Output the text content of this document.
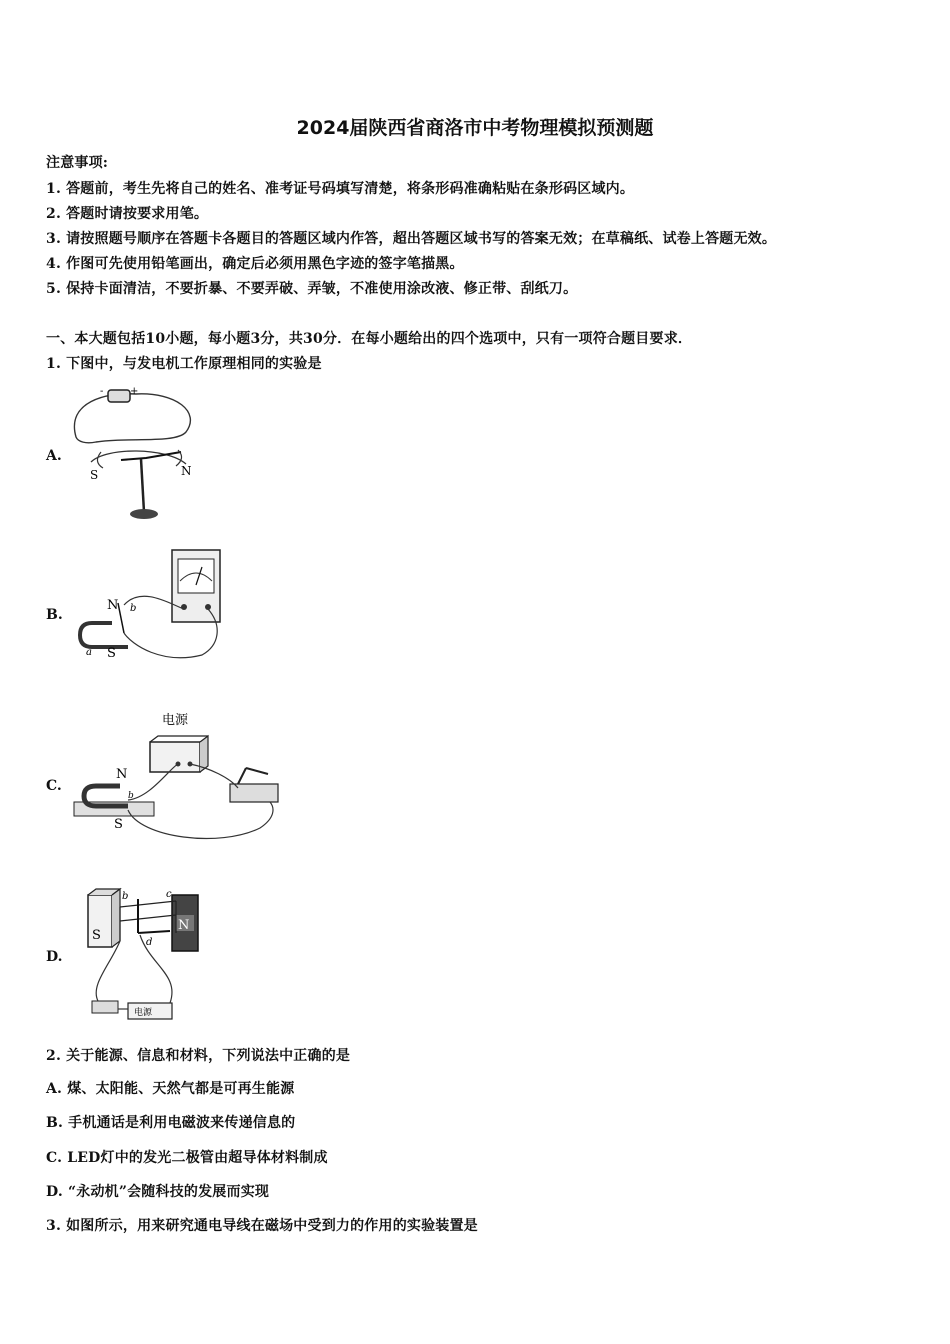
2024届陕西省商洛市中考物理模拟预测题
注意事项:
1. 答题前，考生先将自己的姓名、准考证号码填写清楚，将条形码准确粘贴在条形码区域内。
2. 答题时请按要求用笔。
3. 请按照题号顺序在答题卡各题目的答题区域内作答，超出答题区域书写的答案无效；在草稿纸、试卷上答题无效。
4. 作图可先使用铅笔画出，确定后必须用黑色字迹的签字笔描黑。
5. 保持卡面清洁，不要折暴、不要弄破、弄皱，不准使用涂改液、修正带、刮纸刀。
一、本大题包括10小题，每小题3分，共30分．在每小题给出的四个选项中，只有一项符合题目要求．
1. 下图中，与发电机工作原理相同的实验是
A.
-	+
S	N
B.
N b
a S
C.
电源
N
b
S
D.
b	c
S
N
d
电源
2. 关于能源、信息和材料，下列说法中正确的是
A. 煤、太阳能、天然气都是可再生能源
B. 手机通话是利用电磁波来传递信息的
C. LED灯中的发光二极管由超导体材料制成
D. “永动机”会随科技的发展而实现
3. 如图所示，用来研究通电导线在磁场中受到力的作用的实验装置是
